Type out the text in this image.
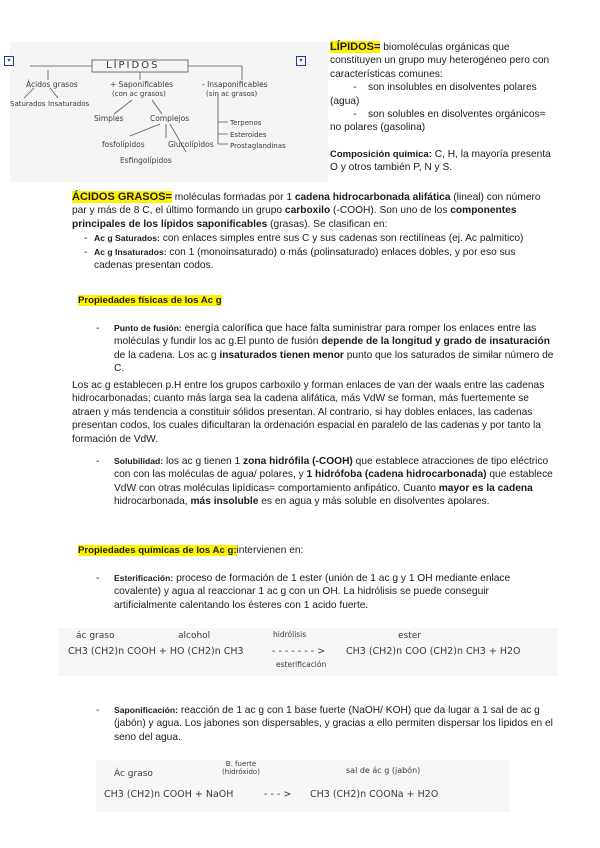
LÍPIDOS
Ácidos grasos
Saturados Insaturados
+ Saponificables
(con ac grasos)
Simples	Complejos
fosfolípidos	Glucolípidos
Esfingolípidos
- Insaponificables
(sin ac grasos)
Terpenos
Esteroides
Prostaglandinas
▾	▾
LÍPIDOS= biomoléculas orgánicas que constituyen un grupo muy heterogéneo pero con características comunes:
-    son insolubles en disolventes polares (agua)
-    son solubles en disolventes orgánicos= no polares (gasolina)
Composición química: C, H, la mayoría presenta O y otros también P, N y S.
ÁCIDOS GRASOS= moléculas formadas por 1 cadena hidrocarbonada alifática (lineal) con número par y más de 8 C, el último formando un grupo carboxilo (-COOH). Son uno de los componentes principales de los lípidos saponificables (grasas). Se clasifican en:
- Ac g Saturados: con enlaces simples entre sus C y sus cadenas son rectilíneas (ej. Ac palmitico)
- Ac g Insaturados: con 1 (monoinsaturado) o más (polinsaturado) enlaces dobles, y por eso sus cadenas presentan codos.
Propiedades físicas de los Ac g
- Punto de fusión: energía calorífica que hace falta suministrar para romper los enlaces entre las moléculas y fundir los ac g.El punto de fusión depende de la longitud y grado de insaturación de la cadena. Los ac g insaturados tienen menor punto que los saturados de similar número de C.
Los ac g establecen p.H entre los grupos carboxilo y forman enlaces de van der waals entre las cadenas hidrocarbonadas; cuanto más larga sea la cadena alifática, más VdW se forman, más fuertemente se atraen y más tendencia a constituir sólidos presentan. Al contrario, si hay dobles enlaces, las cadenas presentan codos, los cuales dificultaran la ordenación espacial en paralelo de las cadenas y por tanto la formación de VdW.
- Solubilidad: los ac g tienen 1 zona hidrófila (-COOH) que establece atracciones de tipo eléctrico con con las moléculas de agua/ polares, y 1 hidrófoba (cadena hidrocarbonada) que establece VdW con otras moléculas lipídicas= comportamiento anfipático. Cuanto mayor es la cadena hidrocarbonada, más insoluble es en agua y más soluble en disolventes apolares.
Propiedades químicas de los Ac g:intervienen en:
- Esterificación: proceso de formación de 1 ester (unión de 1 ac g y 1 OH mediante enlace covalente) y agua al reaccionar 1 ac g con un OH. La hidrólisis se puede conseguir artificialmente calentando los ésteres con 1 acido fuerte.
ác graso	alcohol	hidrólisis	ester
CH3 (CH2)n COOH + HO (CH2)n CH3	- - - - - - - > CH3 (CH2)n COO (CH2)n CH3 + H2O
esterificación
- Saponificación: reacción de 1 ac g con 1 base fuerte (NaOH/ KOH) que da lugar a 1 sal de ac g (jabón) y agua. Los jabones son dispersables, y gracias a ello permiten dispersar los lípidos en el seno del agua.
Ác graso
B. fuerte (hidróxido)	sal de ác g (jabón)
CH3 (CH2)n COOH + NaOH	- - - > CH3 (CH2)n COONa + H2O
